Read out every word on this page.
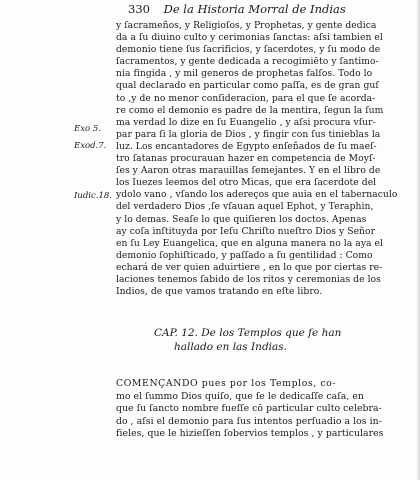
330 De la Historia Morral de Indias
Exo 5.
Exod.7.
Iudic.18.
y ſacrameños, y Religioſos, y Prophetas, y gente dedica
da a ſu diuino culto y cerimonias ſanctas: aſsi tambien el
demonio tiene ſus ſacrificios, y ſacerdotes, y ſu modo de
ſacramentos, y gente dedicada a recogimiēto y ſantimo-
nia fingida , y mil generos de prophetas falſos. Todo lo
qual declarado en particular como paſſa, es de gran guſ
to ,y de no menor conſideracion, para el que ſe acorda-
re como el demonio es padre de la mentira, ſegun la ſum
ma verdad lo dize en ſu Euangelio , y aſsi procura vſur-
par para ſi la gloria de Dios , y fingir con ſus tinieblas la
luz. Los encantadores de Egypto enſeñados de ſu maeſ-
tro ſatanas procurauan hazer en competencia de Moyſ-
ſes y Aaron otras marauillas ſemejantes. Y en el libro de
los Iuezes leemos del otro Micas, que era ſacerdote del
ydolo vano , vſando los adereços que auia en el tabernaculo
del verdadero Dios ,ſe vſauan aquel Ephot, y Teraphin,
y lo demas. Seaſe lo que quiſieren los doctos. Apenas
ay coſa inſtituyda por Ieſu Chriſto nueſtro Dios y Señor
en ſu Ley Euangelica, que en alguna manera no la aya el
demonio ſophiſticado, y paſſado a ſu gentilidad : Como
echará de ver quien aduirtiere , en lo que por ciertas re-
laciones tenemos ſabido de los ritos y ceremonias de los
Indios, de que vamos tratando en eſte libro.
CAP. 12. De los Templos que ſe han
hallado en las Indias.
COMENÇANDO pues por los Templos, co-
mo el ſummo Dios quiſo, que ſe le dedicaſſe caſa, en
que ſu ſancto nombre fueſſe cō particular culto celebra-
do , aſsi el demonio para ſus intentos perſuadio a los in-
fieles, que le hizieſſen ſobervios templos , y particulares
